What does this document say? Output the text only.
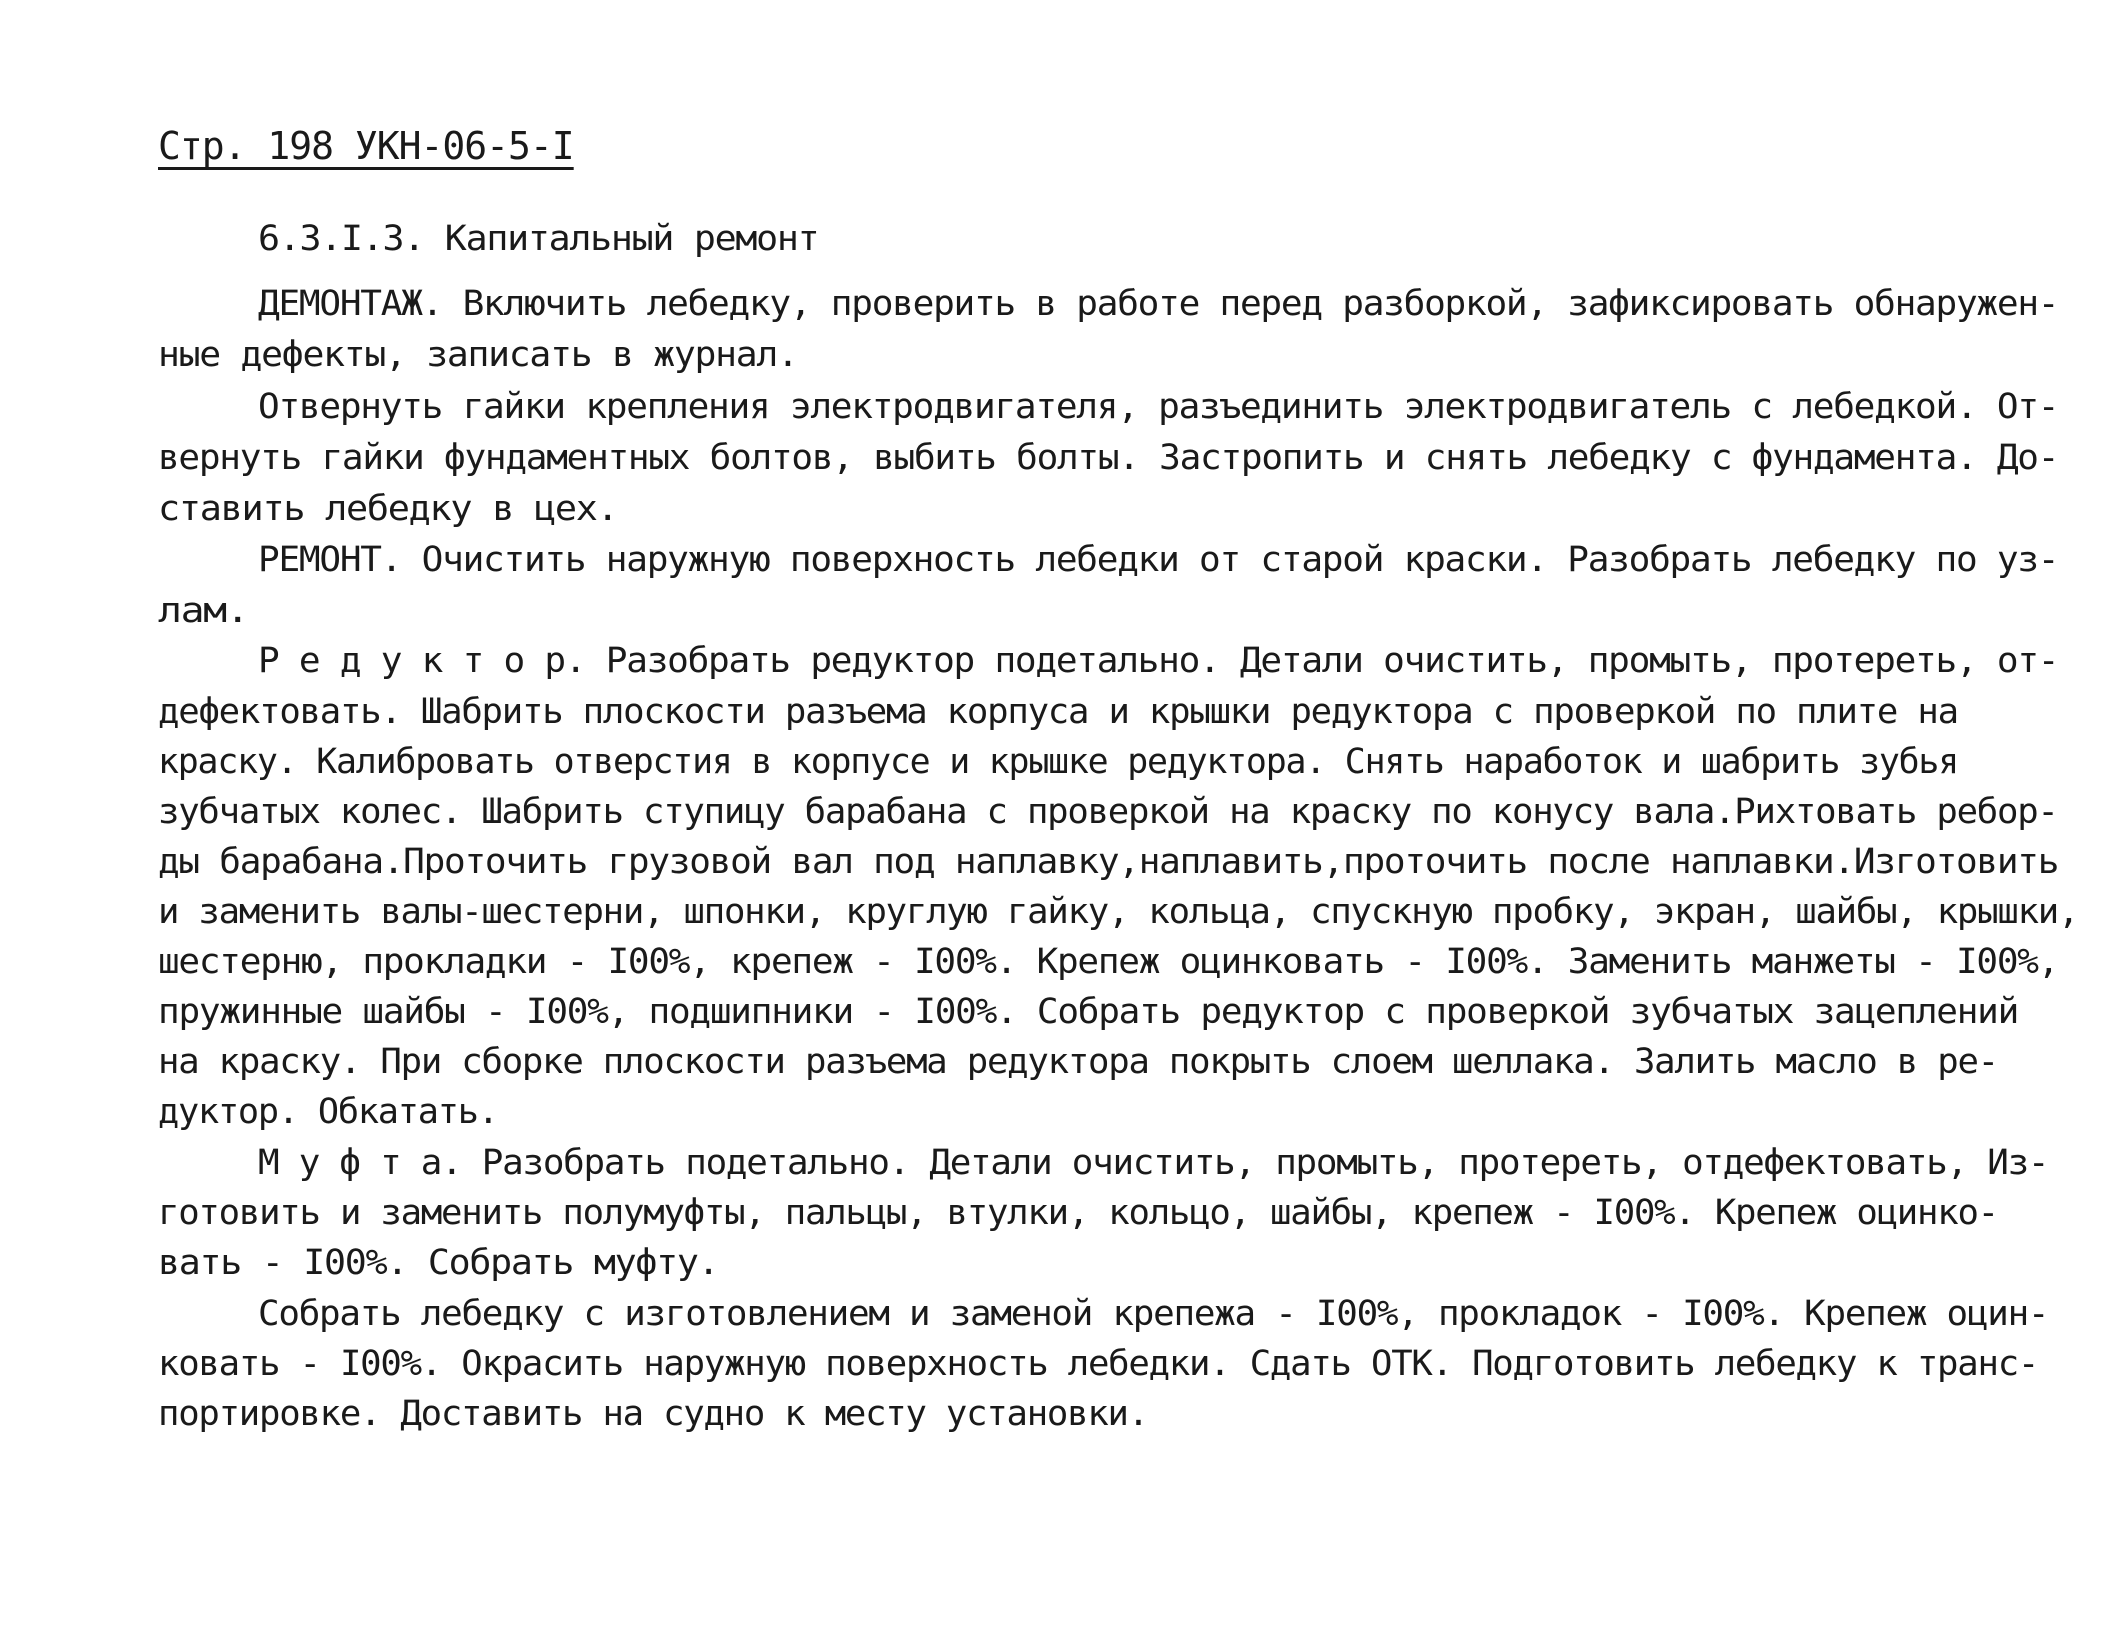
Стр. 198 УКН-06-5-I
6.3.I.3. Капитальный ремонт
ДЕМОНТАЖ. Включить лебедку, проверить в работе перед разборкой, зафиксировать обнаружен-
ные дефекты, записать в журнал.
Отвернуть гайки крепления электродвигателя, разъединить электродвигатель с лебедкой. От-
вернуть гайки фундаментных болтов, выбить болты. Застропить и снять лебедку с фундамента. До-
ставить лебедку в цех.
РЕМОНТ. Очистить наружную поверхность лебедки от старой краски. Разобрать лебедку по уз-
лам.
Р е д у к т о р. Разобрать редуктор подетально. Детали очистить, промыть, протереть, от-
дефектовать. Шабрить плоскости разъема корпуса и крышки редуктора с проверкой по плите на
краску. Калибровать отверстия в корпусе и крышке редуктора. Снять наработок и шабрить зубья
зубчатых колес. Шабрить ступицу барабана с проверкой на краску по конусу вала.Рихтовать ребор-
ды барабана.Проточить грузовой вал под наплавку,наплавить,проточить после наплавки.Изготовить
и заменить валы-шестерни, шпонки, круглую гайку, кольца, спускную пробку, экран, шайбы, крышки,
шестерню, прокладки - I00%, крепеж - I00%. Крепеж оцинковать - I00%. Заменить манжеты - I00%,
пружинные шайбы - I00%, подшипники - I00%. Собрать редуктор с проверкой зубчатых зацеплений
на краску. При сборке плоскости разъема редуктора покрыть слоем шеллака. Залить масло в ре-
дуктор. Обкатать.
М у ф т а. Разобрать подетально. Детали очистить, промыть, протереть, отдефектовать, Из-
готовить и заменить полумуфты, пальцы, втулки, кольцо, шайбы, крепеж - I00%. Крепеж оцинко-
вать - I00%. Собрать муфту.
Собрать лебедку с изготовлением и заменой крепежа - I00%, прокладок - I00%. Крепеж оцин-
ковать - I00%. Окрасить наружную поверхность лебедки. Сдать ОТК. Подготовить лебедку к транс-
портировке. Доставить на судно к месту установки.
